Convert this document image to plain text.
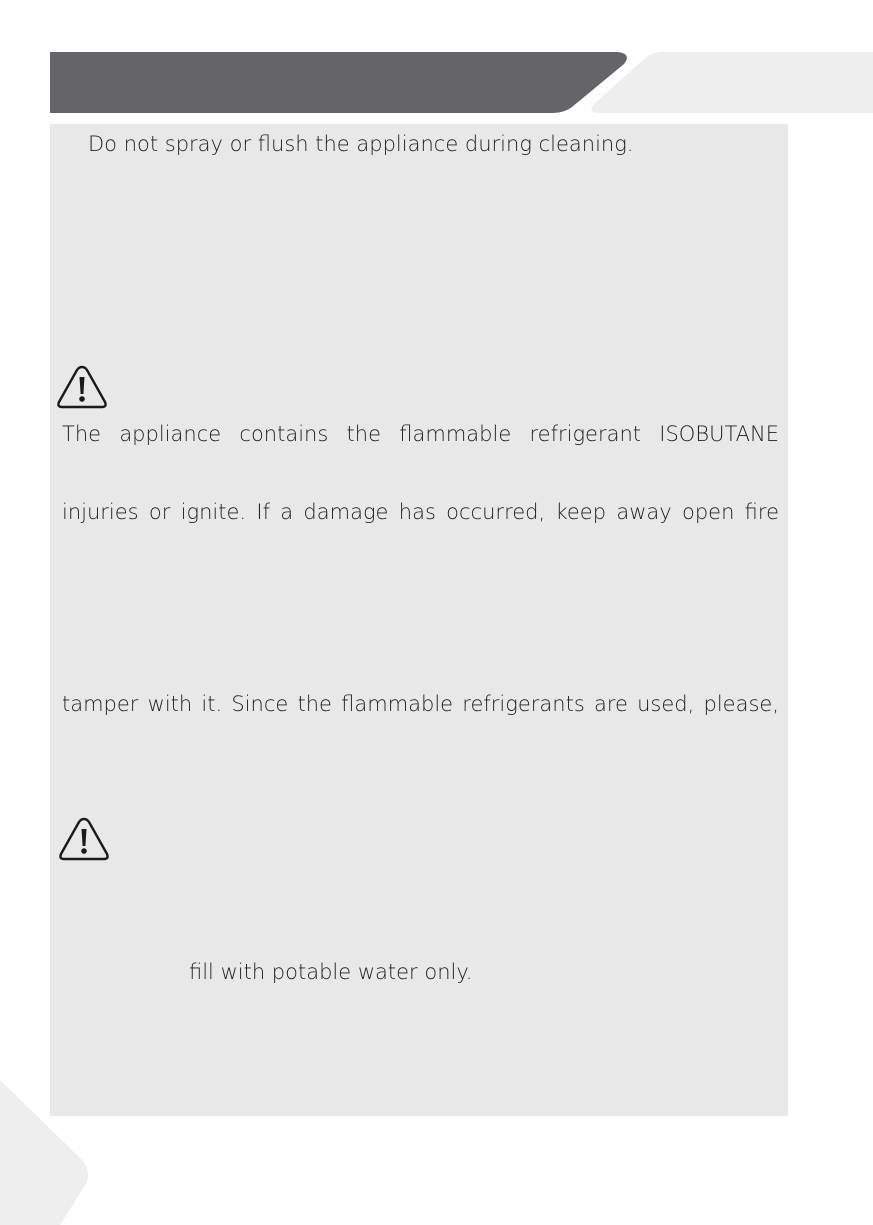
Do not spray or flush the appliance during cleaning.
The appliance contains the flammable refrigerant ISOBUTANE
injuries or ignite. If a damage has occurred, keep away open fire
tamper with it. Since the flammable refrigerants are used, please,
fill with potable water only.
